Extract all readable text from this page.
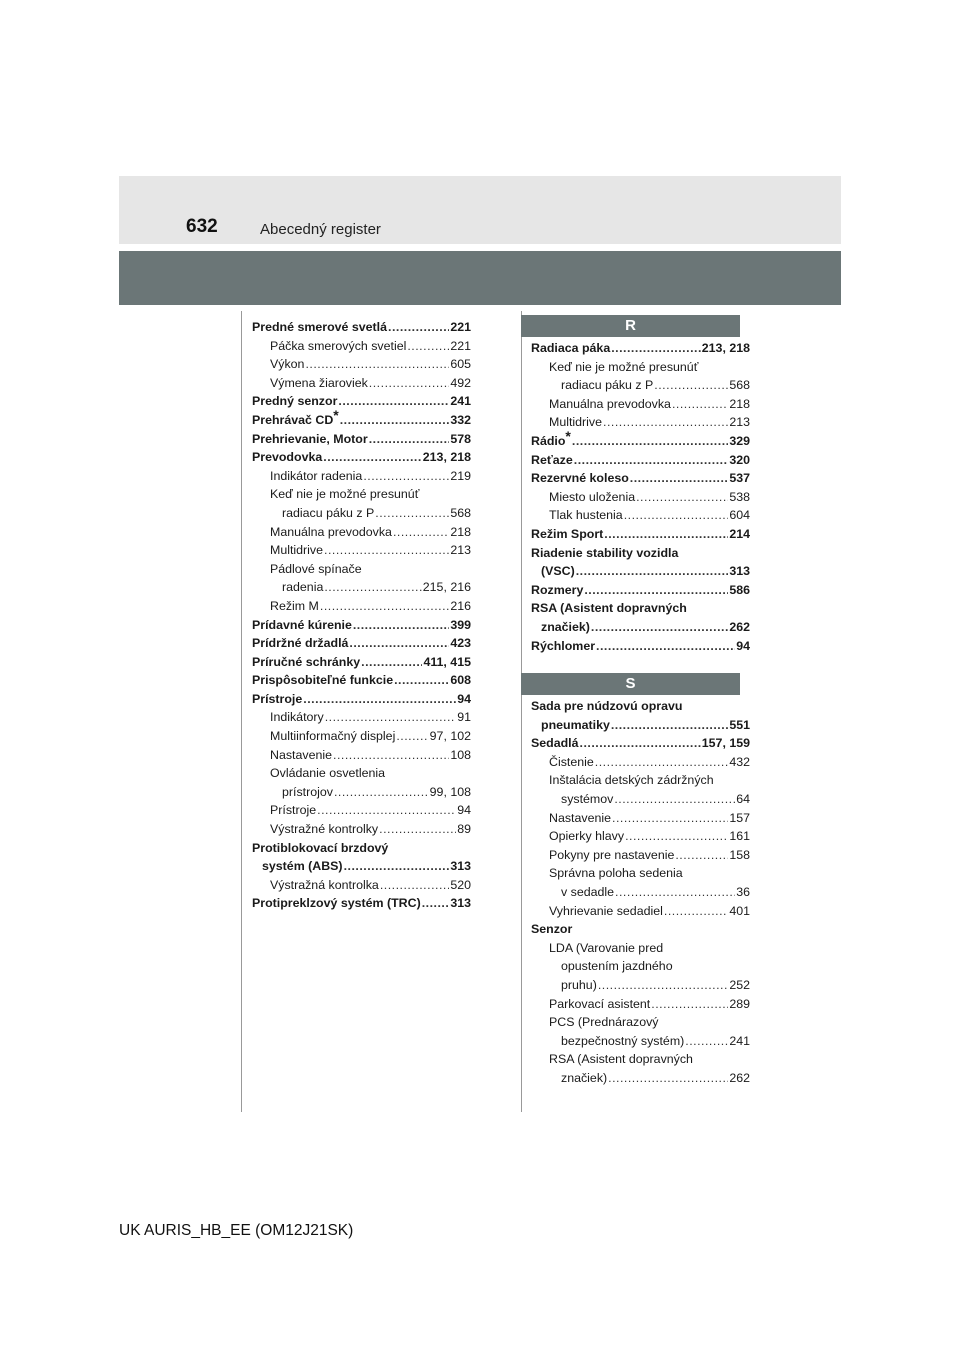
632	Abecedný register
Predné smerové svetlá .....	221
Páčka smerových svetiel .....	221
Výkon .....	605
Výmena žiaroviek .....	492
Predný senzor .....	241
Prehrávač CD* .....	332
Prehrievanie, Motor .....	578
Prevodovka .....	213, 218
Indikátor radenia .....	219
Keď nie je možné presunúť
radiacu páku z P .....	568
Manuálna prevodovka .....	218
Multidrive .....	213
Pádlové spínače
radenia .....	215, 216
Režim M .....	216
Prídavné kúrenie .....	399
Prídržné držadlá .....	423
Príručné schránky .....	411, 415
Prispôsobiteľné funkcie .....	608
Prístroje .....	94
Indikátory .....	91
Multiinformačný displej .....	97, 102
Nastavenie .....	108
Ovládanie osvetlenia
prístrojov .....	99, 108
Prístroje .....	94
Výstražné kontrolky .....	89
Protiblokovací brzdový
systém (ABS) .....	313
Výstražná kontrolka .....	520
Protipreklzový systém (TRC) ..... 313
R
Radiaca páka .....	213, 218
Keď nie je možné presunúť
radiacu páku z P .....	568
Manuálna prevodovka .....	218
Multidrive .....	213
Rádio* .....	329
Reťaze .....	320
Rezervné koleso .....	537
Miesto uloženia .....	538
Tlak hustenia .....	604
Režim Sport .....	214
Riadenie stability vozidla
(VSC) .....	313
Rozmery .....	586
RSA (Asistent dopravných
značiek) .....	262
Rýchlomer .....	94
S
Sada pre núdzovú opravu
pneumatiky .....	551
Sedadlá .....	157, 159
Čistenie .....	432
Inštalácia detských zádržných
systémov .....	64
Nastavenie .....	157
Opierky hlavy .....	161
Pokyny pre nastavenie .....	158
Správna poloha sedenia
v sedadle .....	36
Vyhrievanie sedadiel .....	401
Senzor
LDA (Varovanie pred
opustením jazdného
pruhu) .....	252
Parkovací asistent .....	289
PCS (Prednárazový
bezpečnostný systém) .....	241
RSA (Asistent dopravných
značiek) .....	262
UK AURIS_HB_EE (OM12J21SK)
